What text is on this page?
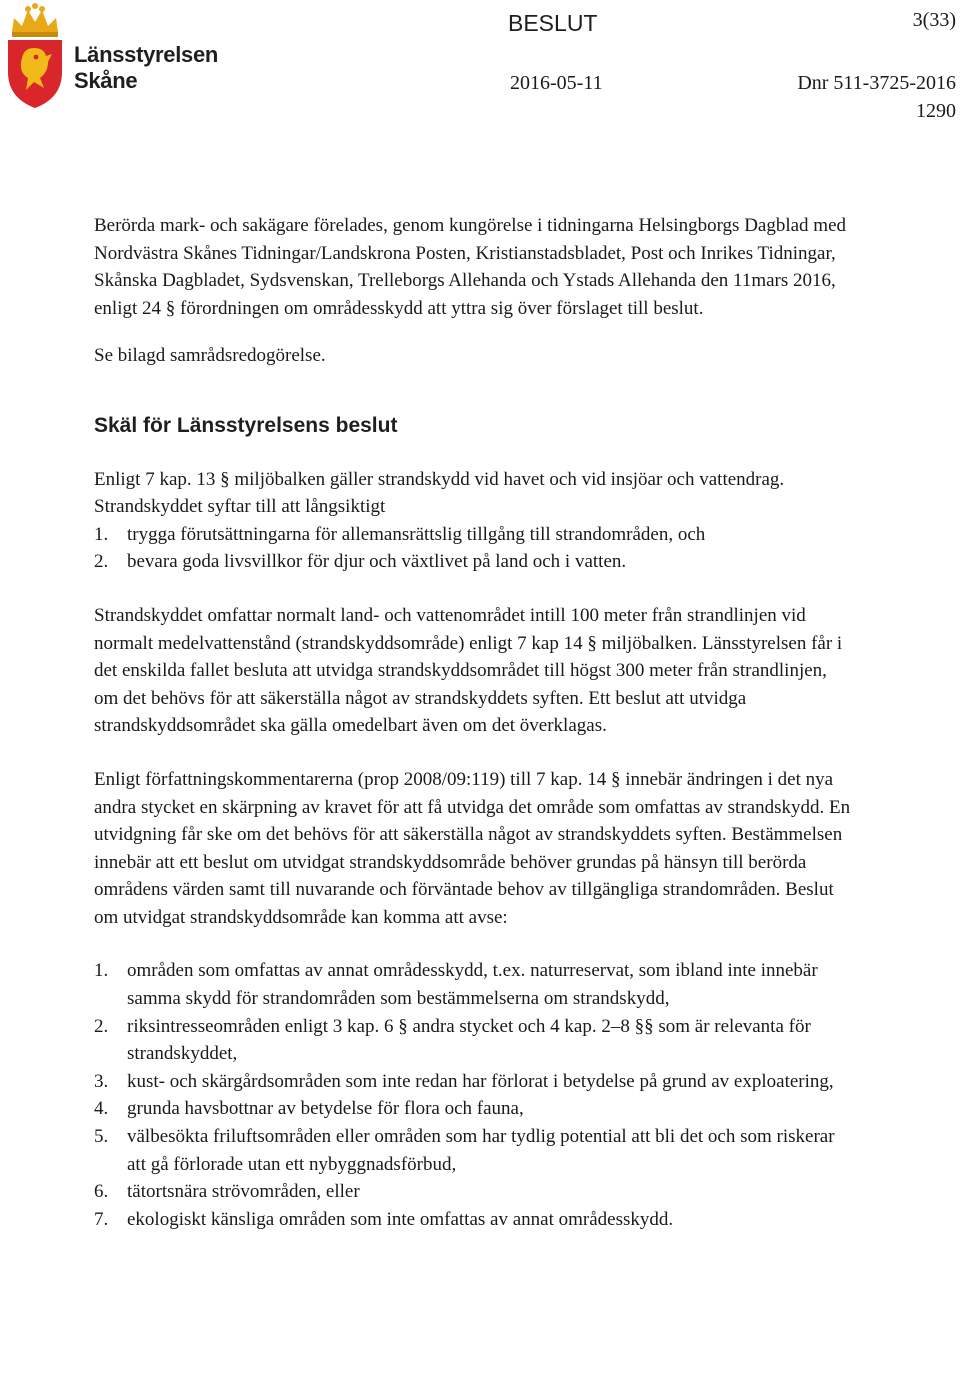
Länsstyrelsen
Skåne
BESLUT	3(33)
2016-05-11	Dnr 511-3725-2016
1290

Berörda mark- och sakägare förelades, genom kungörelse i tidningarna Helsingborgs Dagblad med Nordvästra Skånes Tidningar/Landskrona Posten, Kristianstadsbladet, Post och Inrikes Tidningar, Skånska Dagbladet, Sydsvenskan, Trelleborgs Allehanda och Ystads Allehanda den 11mars 2016, enligt 24 § förordningen om områdesskydd att yttra sig över förslaget till beslut.

Se bilagd samrådsredogörelse.

Skäl för Länsstyrelsens beslut

Enligt 7 kap. 13 § miljöbalken gäller strandskydd vid havet och vid insjöar och vattendrag. Strandskyddet syftar till att långsiktigt

1. trygga förutsättningarna för allemansrättslig tillgång till strandområden, och
2. bevara goda livsvillkor för djur och växtlivet på land och i vatten.

Strandskyddet omfattar normalt land- och vattenområdet intill 100 meter från strandlinjen vid normalt medelvattenstånd (strandskyddsområde) enligt 7 kap 14 § miljöbalken. Länsstyrelsen får i det enskilda fallet besluta att utvidga strandskyddsområdet till högst 300 meter från strandlinjen, om det behövs för att säkerställa något av strandskyddets syften. Ett beslut att utvidga strandskyddsområdet ska gälla omedelbart även om det överklagas.

Enligt författningskommentarerna (prop 2008/09:119) till 7 kap. 14 § innebär ändringen i det nya andra stycket en skärpning av kravet för att få utvidga det område som omfattas av strandskydd. En utvidgning får ske om det behövs för att säkerställa något av strandskyddets syften. Bestämmelsen innebär att ett beslut om utvidgat strandskyddsområde behöver grundas på hänsyn till berörda områdens värden samt till nuvarande och förväntade behov av tillgängliga strandområden. Beslut om utvidgat strandskyddsområde kan komma att avse:

1. områden som omfattas av annat områdesskydd, t.ex. naturreservat, som ibland inte innebär samma skydd för strandområden som bestämmelserna om strandskydd,
2. riksintresseområden enligt 3 kap. 6 § andra stycket och 4 kap. 2–8 §§ som är relevanta för strandskyddet,
3. kust- och skärgårdsområden som inte redan har förlorat i betydelse på grund av exploatering,
4. grunda havsbottnar av betydelse för flora och fauna,
5. välbesökta friluftsområden eller områden som har tydlig potential att bli det och som riskerar att gå förlorade utan ett nybyggnadsförbud,
6. tätortsnära strövområden, eller
7. ekologiskt känsliga områden som inte omfattas av annat områdesskydd.
